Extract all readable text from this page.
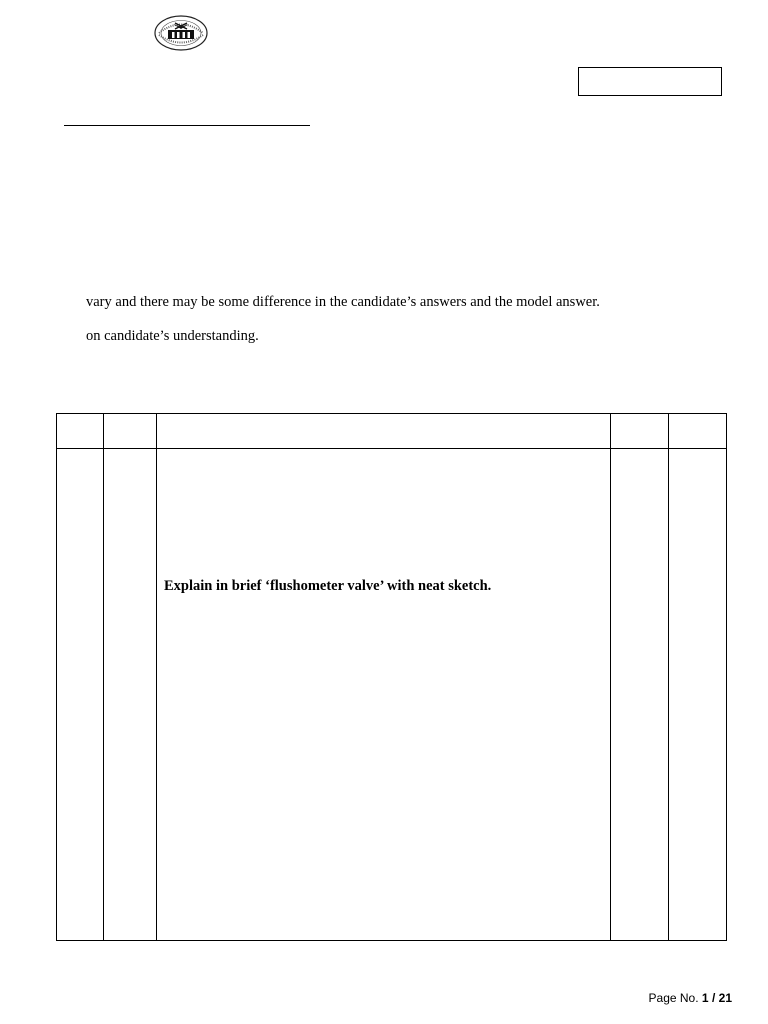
vary and there may be some difference in the candidate’s answers and the model answer.
on candidate’s understanding.

		Explain in brief ‘flushometer valve’ with neat sketch.		

Page No. 1 / 21
